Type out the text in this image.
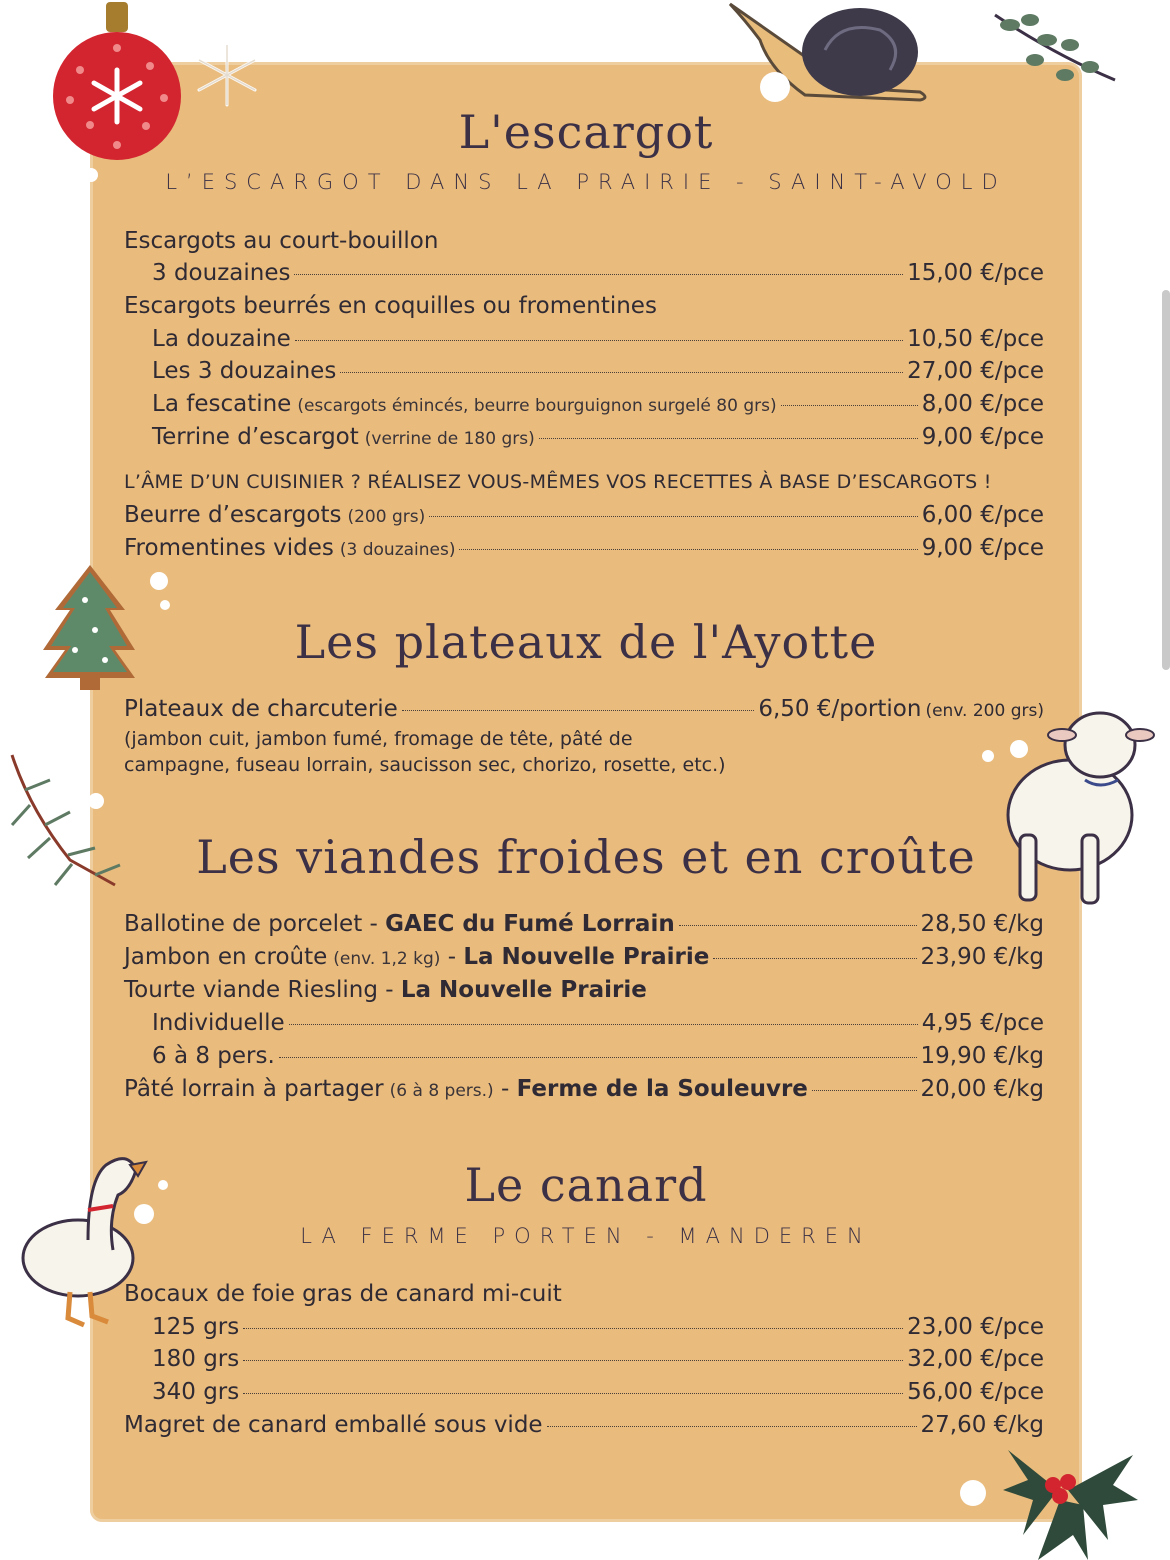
L'escargot
L’ESCARGOT DANS LA PRAIRIE - SAINT-AVOLD
Escargots au court-bouillon
3 douzaines	15,00 €/pce
Escargots beurrés en coquilles ou fromentines
La douzaine	10,50 €/pce
Les 3 douzaines	27,00 €/pce
La fescatine (escargots émincés, beurre bourguignon surgelé 80 grs)	8,00 €/pce
Terrine d’escargot (verrine de 180 grs)	9,00 €/pce
L’ÂME D’UN CUISINIER ? RÉALISEZ VOUS-MÊMES VOS RECETTES À BASE D’ESCARGOTS !
Beurre d’escargots (200 grs)	6,00 €/pce
Fromentines vides (3 douzaines)	9,00 €/pce
Les plateaux de l'Ayotte
Plateaux de charcuterie	6,50 €/portion (env. 200 grs)
(jambon cuit, jambon fumé, fromage de tête, pâté de campagne, fuseau lorrain, saucisson sec, chorizo, rosette, etc.)
Les viandes froides et en croûte
Ballotine de porcelet - GAEC du Fumé Lorrain	28,50 €/kg
Jambon en croûte (env. 1,2 kg) - La Nouvelle Prairie	23,90 €/kg
Tourte viande Riesling - La Nouvelle Prairie
Individuelle	4,95 €/pce
6 à 8 pers.	19,90 €/kg
Pâté lorrain à partager (6 à 8 pers.) - Ferme de la Souleuvre	20,00 €/kg
Le canard
LA FERME PORTEN - MANDEREN
Bocaux de foie gras de canard mi-cuit
125 grs	23,00 €/pce
180 grs	32,00 €/pce
340 grs	56,00 €/pce
Magret de canard emballé sous vide	27,60 €/kg
